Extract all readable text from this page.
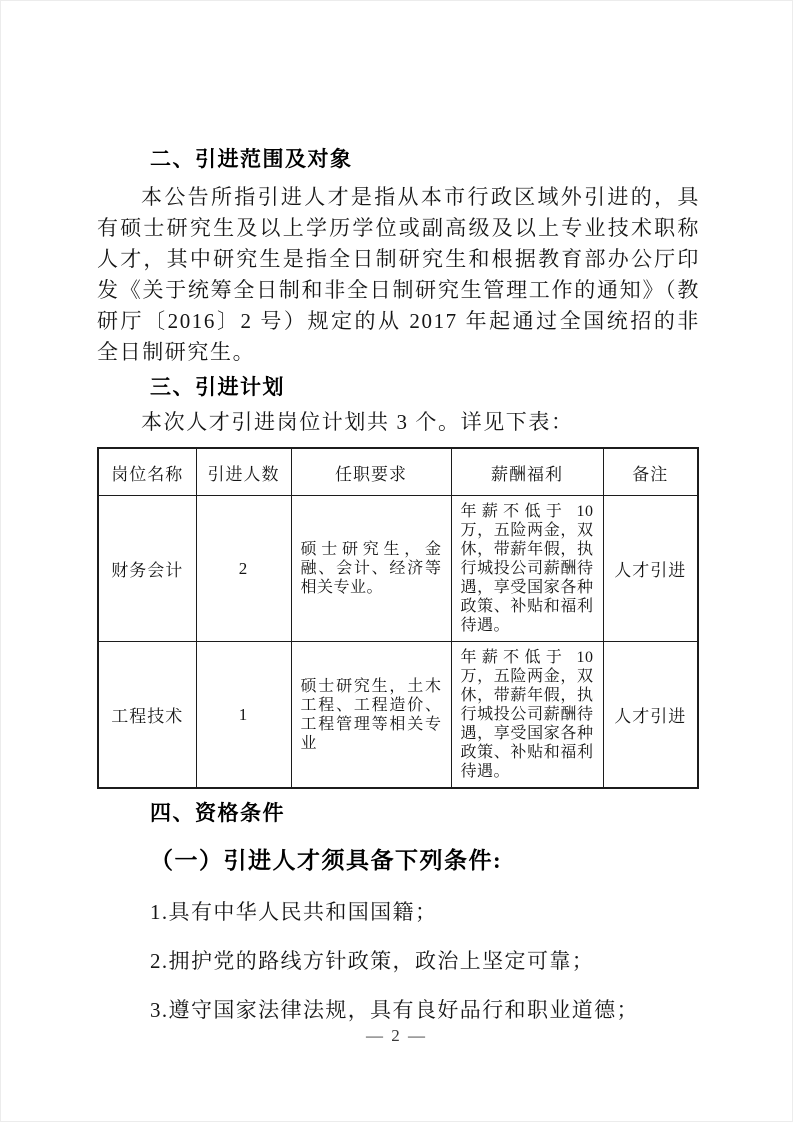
二、引进范围及对象

本公告所指引进人才是指从本市行政区域外引进的，具有硕士研究生及以上学历学位或副高级及以上专业技术职称人才，其中研究生是指全日制研究生和根据教育部办公厅印发《关于统筹全日制和非全日制研究生管理工作的通知》（教研厅〔2016〕2 号）规定的从 2017 年起通过全国统招的非全日制研究生。

三、引进计划

本次人才引进岗位计划共 3 个。详见下表：

岗位名称	引进人数	任职要求	薪酬福利	备注
财务会计	2	硕士研究生，金融、会计、经济等相关专业。	年薪不低于 10 万，五险两金，双休，带薪年假，执行城投公司薪酬待遇，享受国家各种政策、补贴和福利待遇。	人才引进
工程技术	1	硕士研究生，土木工程、工程造价、工程管理等相关专业	年薪不低于 10 万，五险两金，双休，带薪年假，执行城投公司薪酬待遇，享受国家各种政策、补贴和福利待遇。	人才引进
四、资格条件
（一）引进人才须具备下列条件:
1.具有中华人民共和国国籍；
2.拥护党的路线方针政策，政治上坚定可靠；
3.遵守国家法律法规，具有良好品行和职业道德；
— 2 —
